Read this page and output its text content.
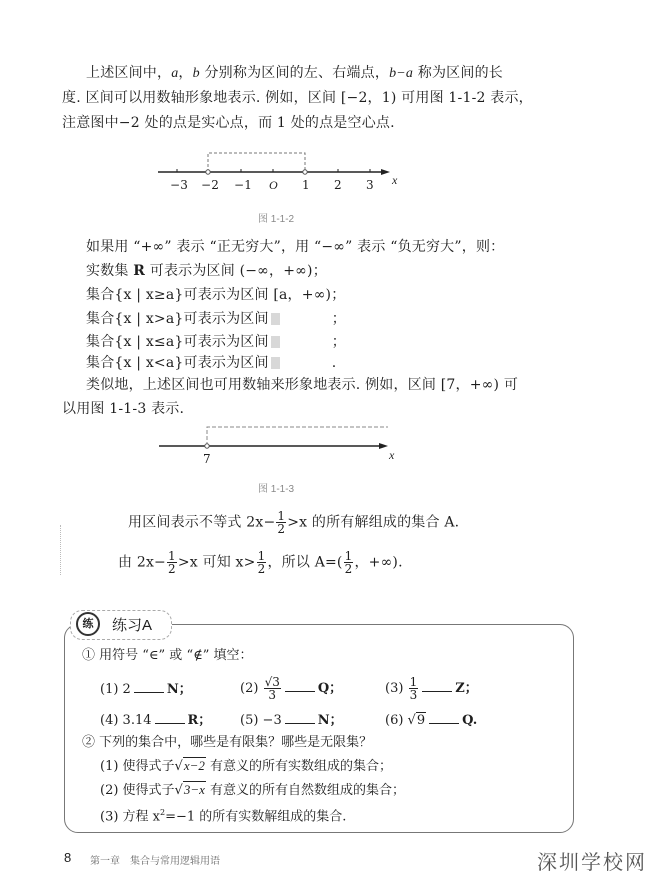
上述区间中，a，b 分别称为区间的左、右端点，b−a 称为区间的长
度. 区间可以用数轴形象地表示. 例如，区间 [−2，1) 可用图 1-1-2 表示，
注意图中−2 处的点是实心点，而 1 处的点是空心点.
−3 −2 −1 O 1 2 3 x
图 1-1-2
如果用 “+∞” 表示 “正无穷大”，用 “−∞” 表示 “负无穷大”，则：
实数集 R 可表示为区间 (−∞，+∞)；
集合{x | x≥a}可表示为区间 [a，+∞)；
集合{x | x>a}可表示为区间	；
集合{x | x≤a}可表示为区间	；
集合{x | x<a}可表示为区间	.
类似地，上述区间也可用数轴来形象地表示. 例如，区间 [7，+∞) 可
以用图 1-1-3 表示.
7	x
图 1-1-3
用区间表示不等式 $2x- \frac{1}{2} >x$ 的所有解组成的集合 A.
由 $2x- \frac{1}{2} >x$ 可知 $x> \frac{1}{2}$ ，所以 $A=( \frac{1}{2}$ ，+∞).
练	练习A
① 用符号 “∈” 或 “∉” 填空：
(1) 2	N；	$(2) \frac{√3}{3}$	Q；	$(3) \frac{1}{3}$	Z；
(4) 3.14	R； (5) −3	N；	(6) √9	Q.
② 下列的集合中，哪些是有限集？哪些是无限集？
(1) 使得式子√x−2 有意义的所有实数组成的集合；
(2) 使得式子√3−x 有意义的所有自然数组成的集合；
(3) 方程 $x^2=-1$ 的所有实数解组成的集合.
8 第一章　集合与常用逻辑用语	深圳学校网
